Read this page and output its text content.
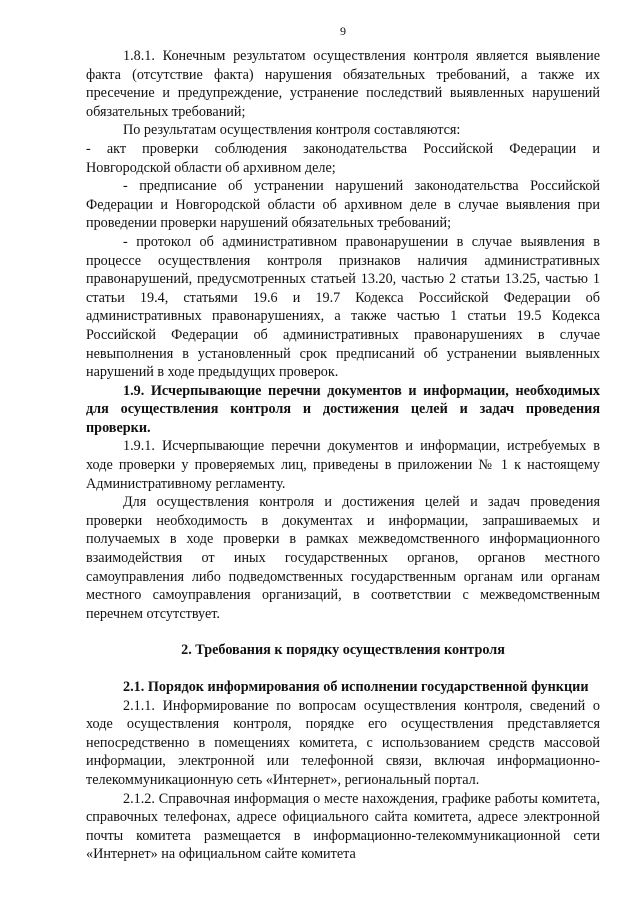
9

1.8.1. Конечным результатом осуществления контроля является выявление факта (отсутствие факта) нарушения обязательных требований, а также их пресечение и предупреждение, устранение последствий выявленных нарушений обязательных требований;

По результатам осуществления контроля составляются:

- акт проверки соблюдения законодательства Российской Федерации и Новгородской области об архивном деле;

- предписание об устранении нарушений законодательства Российской Федерации и Новгородской области об архивном деле в случае выявления при проведении проверки нарушений обязательных требований;

- протокол об административном правонарушении в случае выявления в процессе осуществления контроля признаков наличия административных правонарушений, предусмотренных статьей 13.20, частью 2 статьи 13.25, частью 1 статьи 19.4, статьями 19.6 и 19.7 Кодекса Российской Федерации об административных правонарушениях, а также частью 1 статьи 19.5 Кодекса Российской Федерации об административных правонарушениях в случае невыполнения в установленный срок предписаний об устранении выявленных нарушений в ходе предыдущих проверок.

1.9. Исчерпывающие перечни документов и информации, необходимых для осуществления контроля и достижения целей и задач проведения проверки.

1.9.1. Исчерпывающие перечни документов и информации, истребуемых в ходе проверки у проверяемых лиц, приведены в приложении № 1 к настоящему Административному регламенту.

Для осуществления контроля и достижения целей и задач проведения проверки необходимость в документах и информации, запрашиваемых и получаемых в ходе проверки в рамках межведомственного информационного взаимодействия от иных государственных органов, органов местного самоуправления либо подведомственных государственным органам или органам местного самоуправления организаций, в соответствии с межведомственным перечнем отсутствует.

2. Требования к порядку осуществления контроля

2.1. Порядок информирования об исполнении государственной функции

2.1.1. Информирование по вопросам осуществления контроля, сведений о ходе осуществления контроля, порядке его осуществления представляется непосредственно в помещениях комитета, с использованием средств массовой информации, электронной или телефонной связи, включая информационно-телекоммуникационную сеть «Интернет», региональный портал.

2.1.2. Справочная информация о месте нахождения, графике работы комитета, справочных телефонах, адресе официального сайта комитета, адресе электронной почты комитета размещается в информационно-телекоммуникационной сети «Интернет» на официальном сайте комитета
